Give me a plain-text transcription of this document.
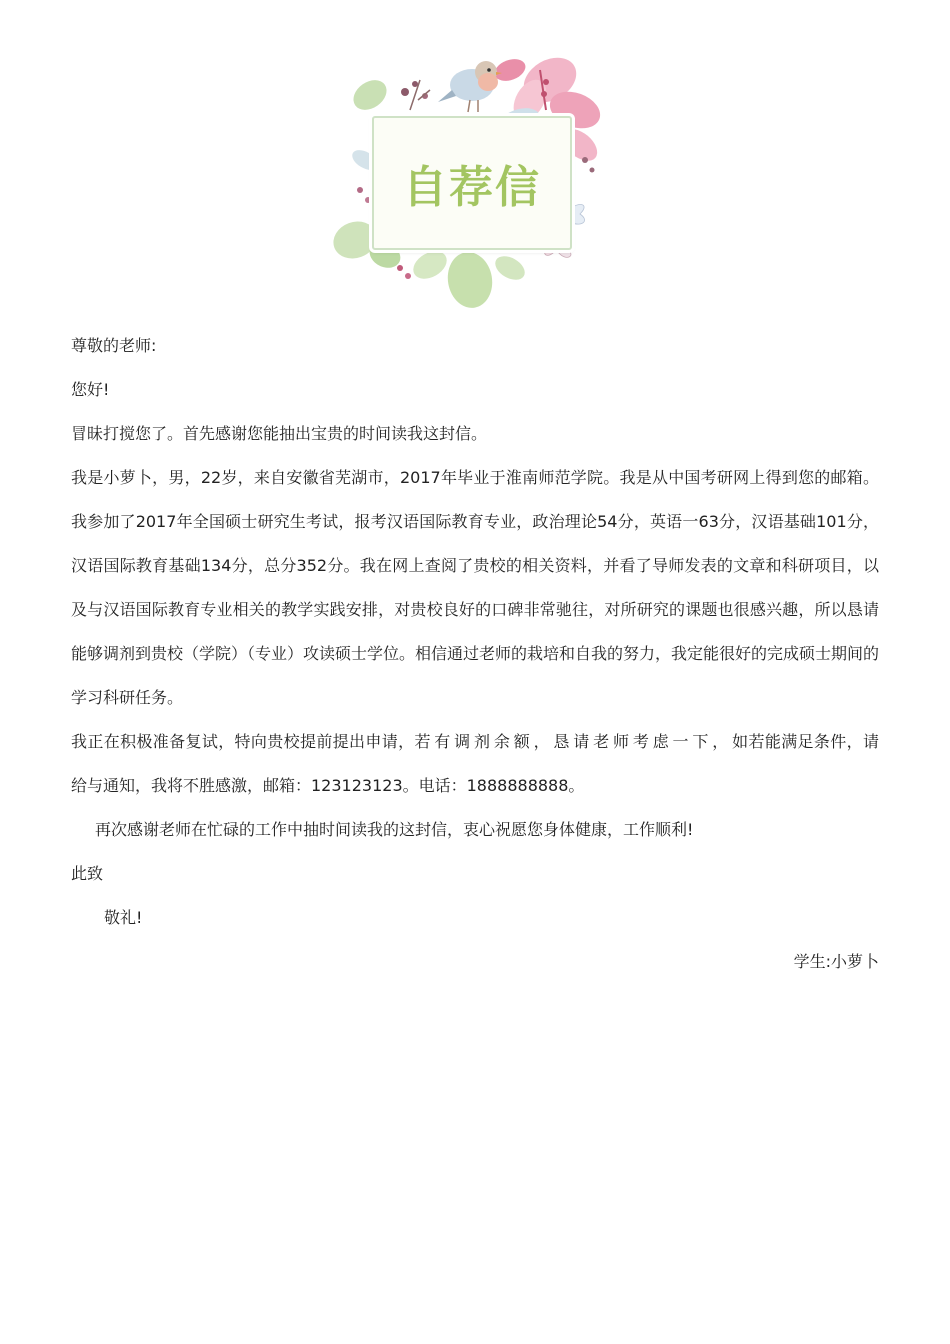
自荐信
尊敬的老师:
您好!
冒昧打搅您了。首先感谢您能抽出宝贵的时间读我这封信。

我是小萝卜，男，22岁，来自安徽省芜湖市，2017年毕业于淮南师范学院。我是从中国考研网上得到您的邮箱。我参加了2017年全国硕士研究生考试，报考汉语国际教育专业，政治理论54分，英语一63分，汉语基础101分，汉语国际教育基础134分，总分352分。我在网上查阅了贵校的相关资料，并看了导师发表的文章和科研项目，以及与汉语国际教育专业相关的教学实践安排，对贵校良好的口碑非常驰往，对所研究的课题也很感兴趣，所以恳请能够调剂到贵校（学院）（专业）攻读硕士学位。相信通过老师的栽培和自我的努力，我定能很好的完成硕士期间的学习科研任务。

我正在积极准备复试，特向贵校提前提出申请，若有调剂余额，恳请老师考虑一下，如若能满足条件，请给与通知，我将不胜感激，邮箱：123123123。电话：1888888888。

再次感谢老师在忙碌的工作中抽时间读我的这封信，衷心祝愿您身体健康，工作顺利!

此致
敬礼!
学生:小萝卜
